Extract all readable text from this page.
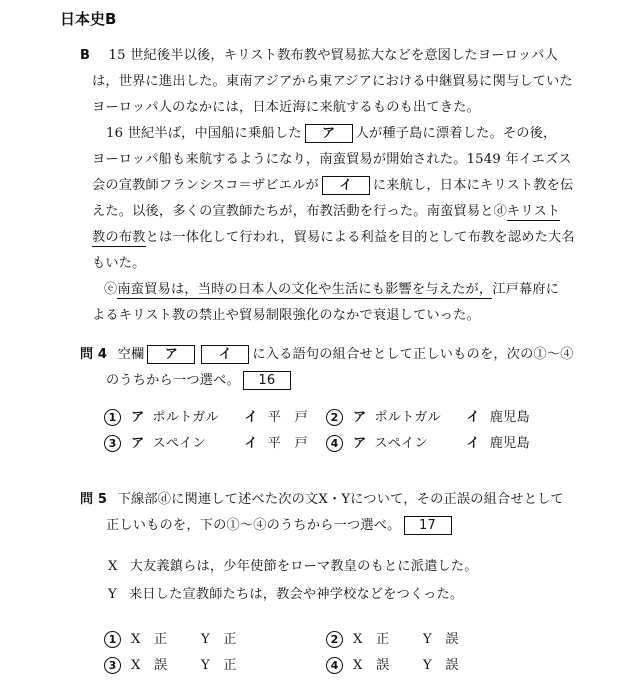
日本史B
B 15 世紀後半以後，キリスト教布教や貿易拡大などを意図したヨーロッパ人
は，世界に進出した。東南アジアから東アジアにおける中継貿易に関与していた
ヨーロッパ人のなかには，日本近海に来航するものも出てきた。
16 世紀半ば，中国船に乗船した ア 人が種子島に漂着した。その後，
ヨーロッパ船も来航するようになり，南蛮貿易が開始された。1549 年イエズス
会の宣教師フランシスコ＝ザビエルが イ に来航し，日本にキリスト教を伝
えた。以後，多くの宣教師たちが，布教活動を行った。南蛮貿易とⓓキリスト
教の布教とは一体化して行われ，貿易による利益を目的として布教を認めた大名
もいた。
ⓔ南蛮貿易は，当時の日本人の文化や生活にも影響を与えたが，江戸幕府に
よるキリスト教の禁止や貿易制限強化のなかで衰退していった。
問 4 空欄 ア	イ に入る語句の組合せとして正しいものを，次の①～④
のうちから一つ選べ。 16
1 ア ポルトガル イ 平　戸	2 ア ポルトガル イ 鹿児島
3 ア スペイン	イ 平　戸	4 ア スペイン	イ 鹿児島
問 5 下線部ⓓに関連して述べた次の文X・Yについて，その正誤の組合せとして
正しいものを，下の①～④のうちから一つ選べ。 17
X 大友義鎮らは，少年使節をローマ教皇のもとに派遣した。
Y 来日した宣教師たちは，教会や神学校などをつくった。
1 X　正	Y　正	2 X　正	Y　誤
3 X　誤	Y　正	4 X　誤	Y　誤
